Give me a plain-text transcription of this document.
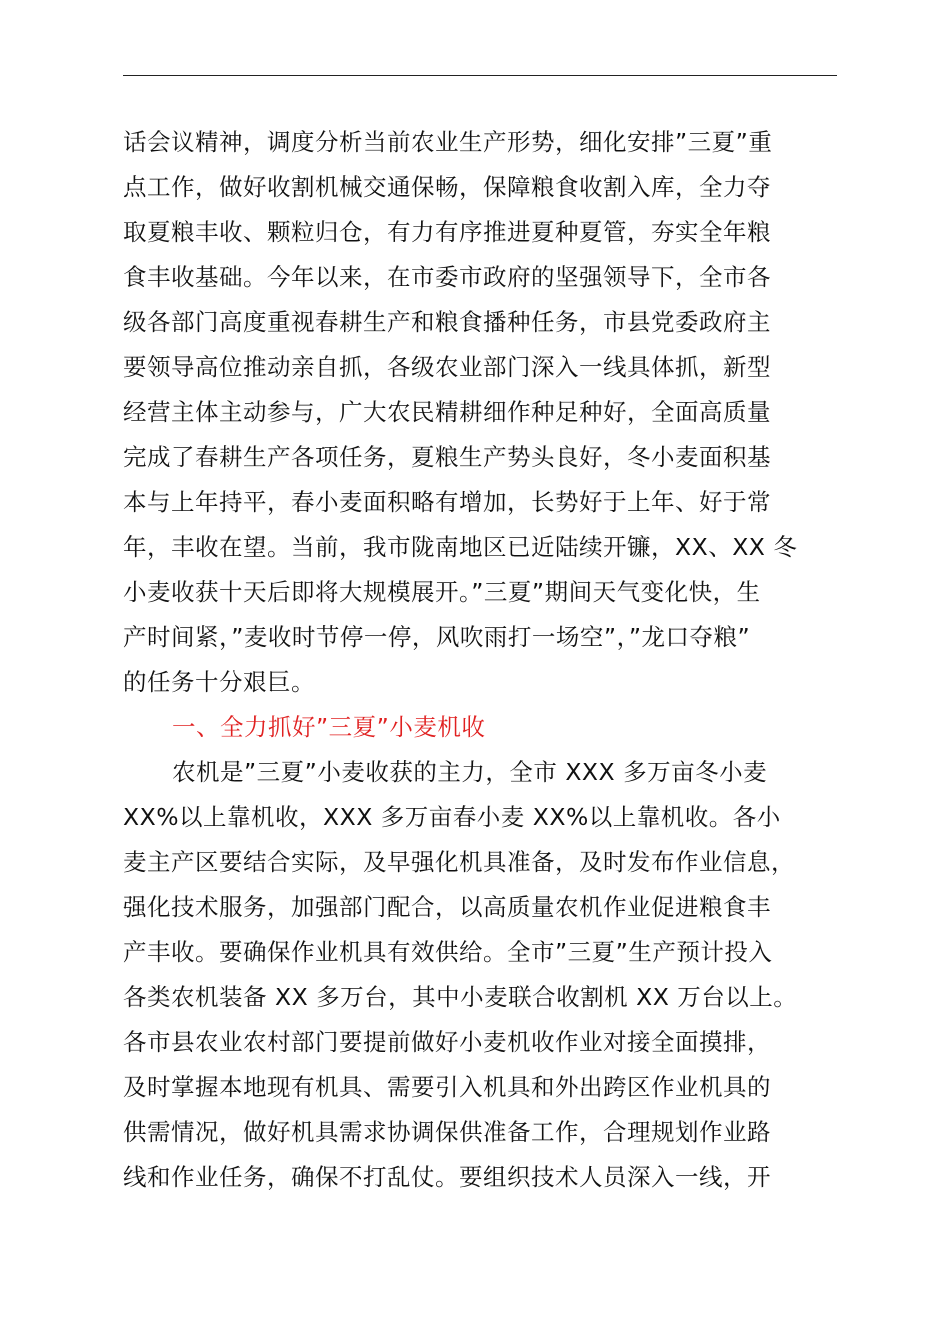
话会议精神，调度分析当前农业生产形势，细化安排”三夏”重
点工作，做好收割机械交通保畅，保障粮食收割入库，全力夺
取夏粮丰收、颗粒归仓，有力有序推进夏种夏管，夯实全年粮
食丰收基础。今年以来，在市委市政府的坚强领导下，全市各
级各部门高度重视春耕生产和粮食播种任务，市县党委政府主
要领导高位推动亲自抓，各级农业部门深入一线具体抓，新型
经营主体主动参与，广大农民精耕细作种足种好，全面高质量
完成了春耕生产各项任务，夏粮生产势头良好，冬小麦面积基
本与上年持平，春小麦面积略有增加，长势好于上年、好于常
年，丰收在望。当前，我市陇南地区已近陆续开镰，XX、XX 冬
小麦收获十天后即将大规模展开。”三夏”期间天气变化快，生
产时间紧，”麦收时节停一停，风吹雨打一场空”，”龙口夺粮”
的任务十分艰巨。
一、全力抓好”三夏”小麦机收
农机是”三夏”小麦收获的主力，全市 XXX 多万亩冬小麦
XX%以上靠机收，XXX 多万亩春小麦 XX%以上靠机收。各小
麦主产区要结合实际，及早强化机具准备，及时发布作业信息，
强化技术服务，加强部门配合，以高质量农机作业促进粮食丰
产丰收。要确保作业机具有效供给。全市”三夏”生产预计投入
各类农机装备 XX 多万台，其中小麦联合收割机 XX 万台以上。
各市县农业农村部门要提前做好小麦机收作业对接全面摸排，
及时掌握本地现有机具、需要引入机具和外出跨区作业机具的
供需情况，做好机具需求协调保供准备工作，合理规划作业路
线和作业任务，确保不打乱仗。要组织技术人员深入一线，开
